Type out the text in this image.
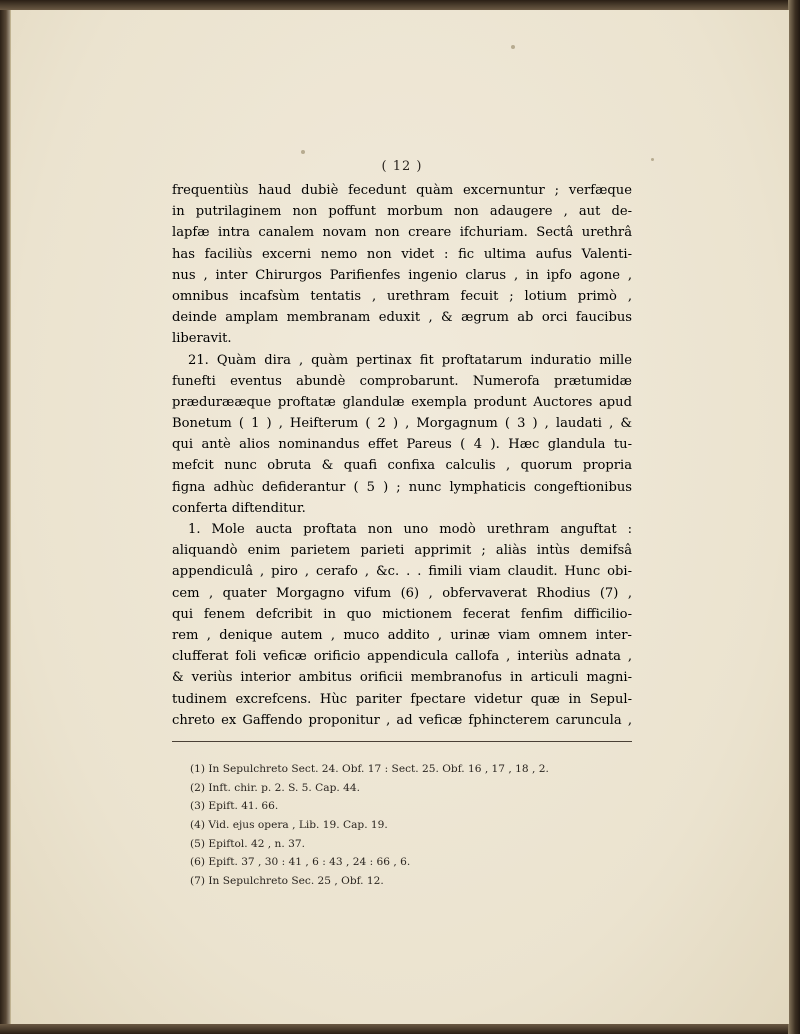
( 12 )
frequentiùs haud dubiè fecedunt quàm excernuntur ; verfæque
in putrilaginem non poffunt morbum non adaugere , aut de-
lapfæ intra canalem novam non creare ifchuriam. Sectâ urethrâ
has faciliùs excerni nemo non videt : fic ultima aufus Valenti-
nus , inter Chirurgos Parifienfes ingenio clarus , in ipfo agone ,
omnibus incafsùm tentatis , urethram fecuit ; lotium primò ,
deinde amplam membranam eduxit , & ægrum ab orci faucibus
liberavit.
21. Quàm dira , quàm pertinax fit proftatarum induratio mille
funefti eventus abundè comprobarunt. Numerofa prætumidæ
prædurææque proftatæ glandulæ exempla produnt Auctores apud
Bonetum ( 1 ) , Heifterum ( 2 ) , Morgagnum ( 3 ) , laudati , &
qui antè alios nominandus effet Pareus ( 4 ). Hæc glandula tu-
mefcit nunc obruta & quafi confixa calculis , quorum propria
figna adhùc defiderantur ( 5 ) ; nunc lymphaticis congeftionibus
conferta diftenditur.
1. Mole aucta proftata non uno modò urethram anguftat :
aliquandò enim parietem parieti apprimit ; aliàs intùs demifsâ
appendiculâ , piro , cerafo , &c. . . fimili viam claudit. Hunc obi-
cem , quater Morgagno vifum (6) , obfervaverat Rhodius (7) ,
qui fenem defcribit in quo mictionem fecerat fenfim difficilio-
rem , denique autem , muco addito , urinæ viam omnem inter-
clufferat foli veficæ orificio appendicula callofa , interiùs adnata ,
& veriùs interior ambitus orificii membranofus in articuli magni-
tudinem excrefcens. Hùc pariter fpectare videtur quæ in Sepul-
chreto ex Gaffendo proponitur , ad veficæ fphincterem caruncula ,
(1) In Sepulchreto Sect. 24. Obf. 17 : Sect. 25. Obf. 16 , 17 , 18 , 2.
(2) Inft. chir. p. 2. S. 5. Cap. 44.
(3) Epift. 41. 66.
(4) Vid. ejus opera , Lib. 19. Cap. 19.
(5) Epiftol. 42 , n. 37.
(6) Epift. 37 , 30 : 41 , 6 : 43 , 24 : 66 , 6.
(7) In Sepulchreto Sec. 25 , Obf. 12.
